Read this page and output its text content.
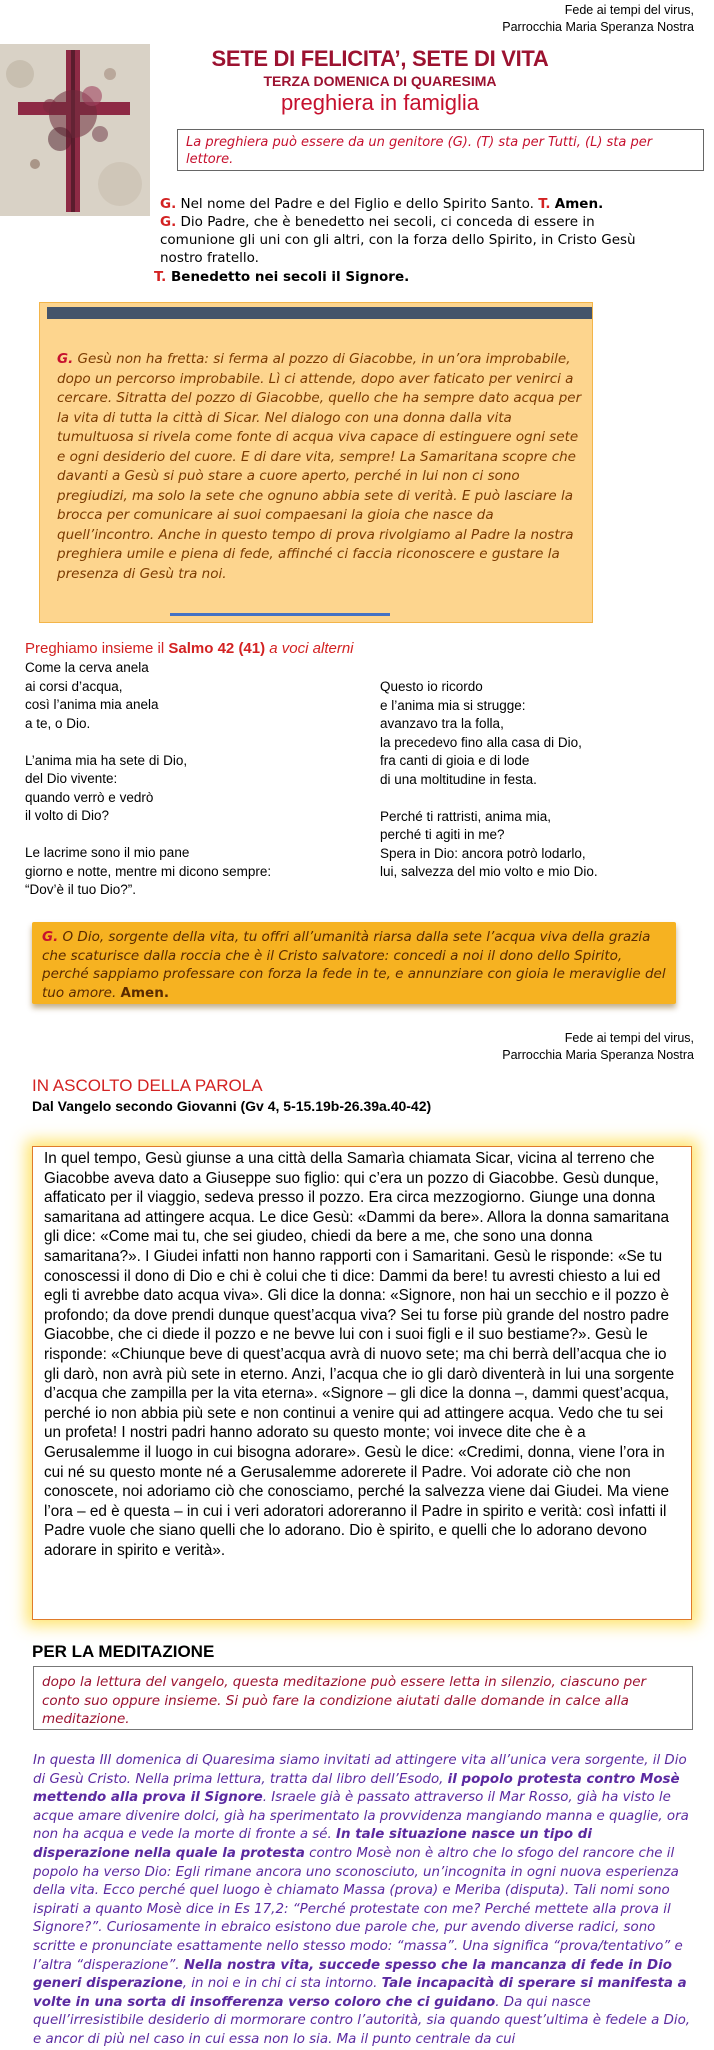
Fede ai tempi del virus,
Parrocchia Maria Speranza Nostra
SETE DI FELICITA’, SETE DI VITA
TERZA DOMENICA DI QUARESIMA
preghiera in famiglia
La preghiera può essere da un genitore (G). (T) sta per Tutti, (L) sta per lettore.
G. Nel nome del Padre e del Figlio e dello Spirito Santo. T. Amen.
G. Dio Padre, che è benedetto nei secoli, ci conceda di essere in comunione gli uni con gli altri, con la forza dello Spirito, in Cristo Gesù nostro fratello.
T. Benedetto nei secoli il Signore.
G. Gesù non ha fretta: si ferma al pozzo di Giacobbe, in un’ora improbabile, dopo un percorso improbabile. Lì ci attende, dopo aver faticato per venirci a cercare. Sitratta del pozzo di Giacobbe, quello che ha sempre dato acqua per la vita di tutta la città di Sicar. Nel dialogo con una donna dalla vita tumultuosa si rivela come fonte di acqua viva capace di estinguere ogni sete e ogni desiderio del cuore. E di dare vita, sempre! La Samaritana scopre che davanti a Gesù si può stare a cuore aperto, perché in lui non ci sono pregiudizi, ma solo la sete che ognuno abbia sete di verità. E può lasciare la brocca per comunicare ai suoi compaesani la gioia che nasce da quell’incontro. Anche in questo tempo di prova rivolgiamo al Padre la nostra preghiera umile e piena di fede, affinché ci faccia riconoscere e gustare la presenza di Gesù tra noi.
Preghiamo insieme il Salmo 42 (41) a voci alterni
Come la cerva anela
ai corsi d’acqua,
così l’anima mia anela
a te, o Dio.

L’anima mia ha sete di Dio,
del Dio vivente:
quando verrò e vedrò
il volto di Dio?

Le lacrime sono il mio pane
giorno e notte, mentre mi dicono sempre:
“Dov’è il tuo Dio?”.
Questo io ricordo
e l’anima mia si strugge:
avanzavo tra la folla,
la precedevo fino alla casa di Dio,
fra canti di gioia e di lode
di una moltitudine in festa.

Perché ti rattristi, anima mia,
perché ti agiti in me?
Spera in Dio: ancora potrò lodarlo,
lui, salvezza del mio volto e mio Dio.
G. O Dio, sorgente della vita, tu offri all’umanità riarsa dalla sete l’acqua viva della grazia che scaturisce dalla roccia che è il Cristo salvatore: concedi a noi il dono dello Spirito, perché sappiamo professare con forza la fede in te, e annunziare con gioia le meraviglie del tuo amore. Amen.
Fede ai tempi del virus,
Parrocchia Maria Speranza Nostra
IN ASCOLTO DELLA PAROLA
Dal Vangelo secondo Giovanni (Gv 4, 5-15.19b-26.39a.40-42)
In quel tempo, Gesù giunse a una città della Samarìa chiamata Sicar, vicina al terreno che Giacobbe aveva dato a Giuseppe suo figlio: qui c’era un pozzo di Giacobbe. Gesù dunque, affaticato per il viaggio, sedeva presso il pozzo. Era circa mezzogiorno. Giunge una donna samaritana ad attingere acqua. Le dice Gesù: «Dammi da bere». Allora la donna samaritana gli dice: «Come mai tu, che sei giudeo, chiedi da bere a me, che sono una donna samaritana?». I Giudei infatti non hanno rapporti con i Samaritani. Gesù le risponde: «Se tu conoscessi il dono di Dio e chi è colui che ti dice: Dammi da bere! tu avresti chiesto a lui ed egli ti avrebbe dato acqua viva». Gli dice la donna: «Signore, non hai un secchio e il pozzo è profondo; da dove prendi dunque quest’acqua viva? Sei tu forse più grande del nostro padre Giacobbe, che ci diede il pozzo e ne bevve lui con i suoi figli e il suo bestiame?». Gesù le risponde: «Chiunque beve di quest’acqua avrà di nuovo sete; ma chi berrà dell’acqua che io gli darò, non avrà più sete in eterno. Anzi, l’acqua che io gli darò diventerà in lui una sorgente d’acqua che zampilla per la vita eterna». «Signore – gli dice la donna –, dammi quest’acqua, perché io non abbia più sete e non continui a venire qui ad attingere acqua. Vedo che tu sei un profeta! I nostri padri hanno adorato su questo monte; voi invece dite che è a Gerusalemme il luogo in cui bisogna adorare». Gesù le dice: «Credimi, donna, viene l’ora in cui né su questo monte né a Gerusalemme adorerete il Padre. Voi adorate ciò che non conoscete, noi adoriamo ciò che conosciamo, perché la salvezza viene dai Giudei. Ma viene l’ora – ed è questa – in cui i veri adoratori adoreranno il Padre in spirito e verità: così infatti il Padre vuole che siano quelli che lo adorano. Dio è spirito, e quelli che lo adorano devono adorare in spirito e verità».
PER LA MEDITAZIONE
dopo la lettura del vangelo, questa meditazione può essere letta in silenzio, ciascuno per conto suo oppure insieme. Si può fare la condizione aiutati dalle domande in calce alla meditazione.
In questa III domenica di Quaresima siamo invitati ad attingere vita all’unica vera sorgente, il Dio di Gesù Cristo. Nella prima lettura, tratta dal libro dell’Esodo, il popolo protesta contro Mosè mettendo alla prova il Signore. Israele già è passato attraverso il Mar Rosso, già ha visto le acque amare divenire dolci, già ha sperimentato la provvidenza mangiando manna e quaglie, ora non ha acqua e vede la morte di fronte a sé. In tale situazione nasce un tipo di disperazione nella quale la protesta contro Mosè non è altro che lo sfogo del rancore che il popolo ha verso Dio: Egli rimane ancora uno sconosciuto, un’incognita in ogni nuova esperienza della vita. Ecco perché quel luogo è chiamato Massa (prova) e Meriba (disputa). Tali nomi sono ispirati a quanto Mosè dice in Es 17,2: “Perché protestate con me? Perché mettete alla prova il Signore?”. Curiosamente in ebraico esistono due parole che, pur avendo diverse radici, sono scritte e pronunciate esattamente nello stesso modo: “massa”. Una significa “prova/tentativo” e l’altra “disperazione”. Nella nostra vita, succede spesso che la mancanza di fede in Dio generi disperazione, in noi e in chi ci sta intorno. Tale incapacità di sperare si manifesta a volte in una sorta di insofferenza verso coloro che ci guidano. Da qui nasce quell’irresistibile desiderio di mormorare contro l’autorità, sia quando quest’ultima è fedele a Dio, e ancor di più nel caso in cui essa non lo sia. Ma il punto centrale da cui
